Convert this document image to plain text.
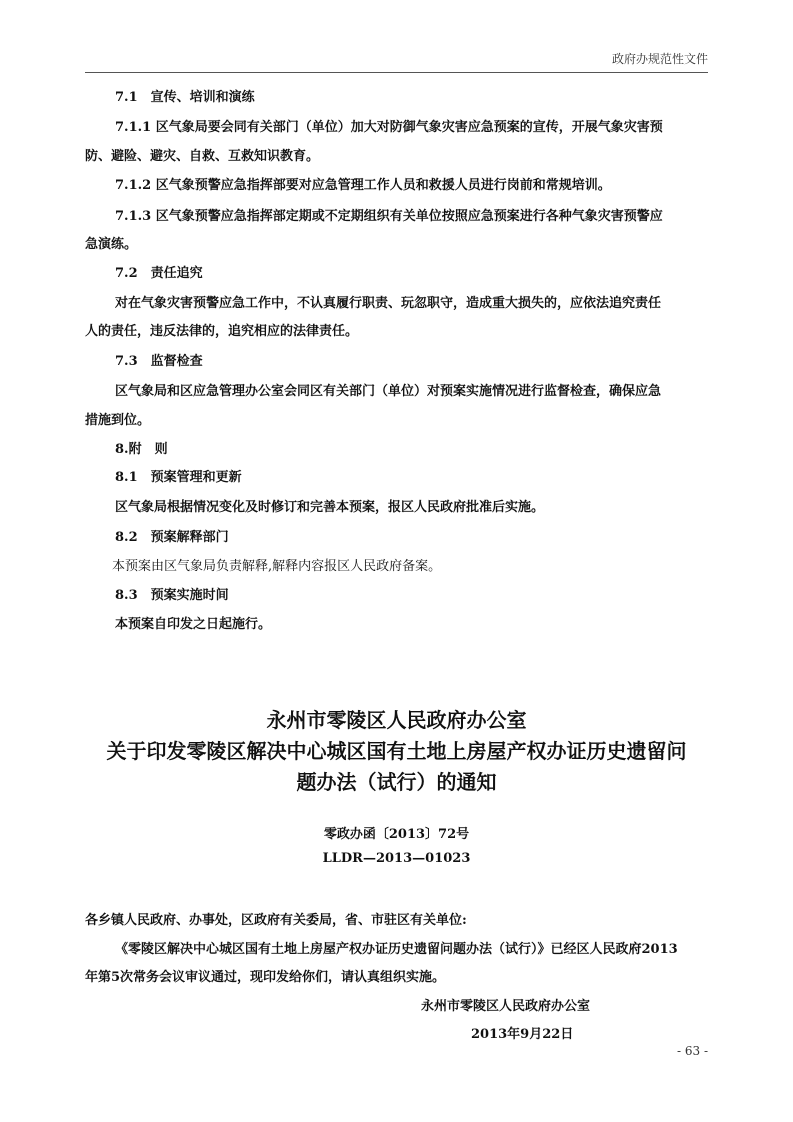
政府办规范性文件
7.1　宣传、培训和演练
7.1.1 区气象局要会同有关部门（单位）加大对防御气象灾害应急预案的宣传，开展气象灾害预
防、避险、避灾、自救、互救知识教育。
7.1.2 区气象预警应急指挥部要对应急管理工作人员和救援人员进行岗前和常规培训。
7.1.3 区气象预警应急指挥部定期或不定期组织有关单位按照应急预案进行各种气象灾害预警应
急演练。
7.2　责任追究
对在气象灾害预警应急工作中，不认真履行职责、玩忽职守，造成重大损失的，应依法追究责任
人的责任，违反法律的，追究相应的法律责任。
7.3　监督检查
区气象局和区应急管理办公室会同区有关部门（单位）对预案实施情况进行监督检查，确保应急
措施到位。
8.附　则
8.1　预案管理和更新
区气象局根据情况变化及时修订和完善本预案，报区人民政府批准后实施。
8.2　预案解释部门
本预案由区气象局负责解释,解释内容报区人民政府备案。
8.3　预案实施时间
本预案自印发之日起施行。
永州市零陵区人民政府办公室
关于印发零陵区解决中心城区国有土地上房屋产权办证历史遗留问
题办法（试行）的通知
零政办函〔2013〕72号
LLDR—2013—01023
各乡镇人民政府、办事处，区政府有关委局，省、市驻区有关单位:
《零陵区解决中心城区国有土地上房屋产权办证历史遗留问题办法（试行）》已经区人民政府2013
年第5次常务会议审议通过，现印发给你们，请认真组织实施。
永州市零陵区人民政府办公室
2013年9月22日
- 63 -
